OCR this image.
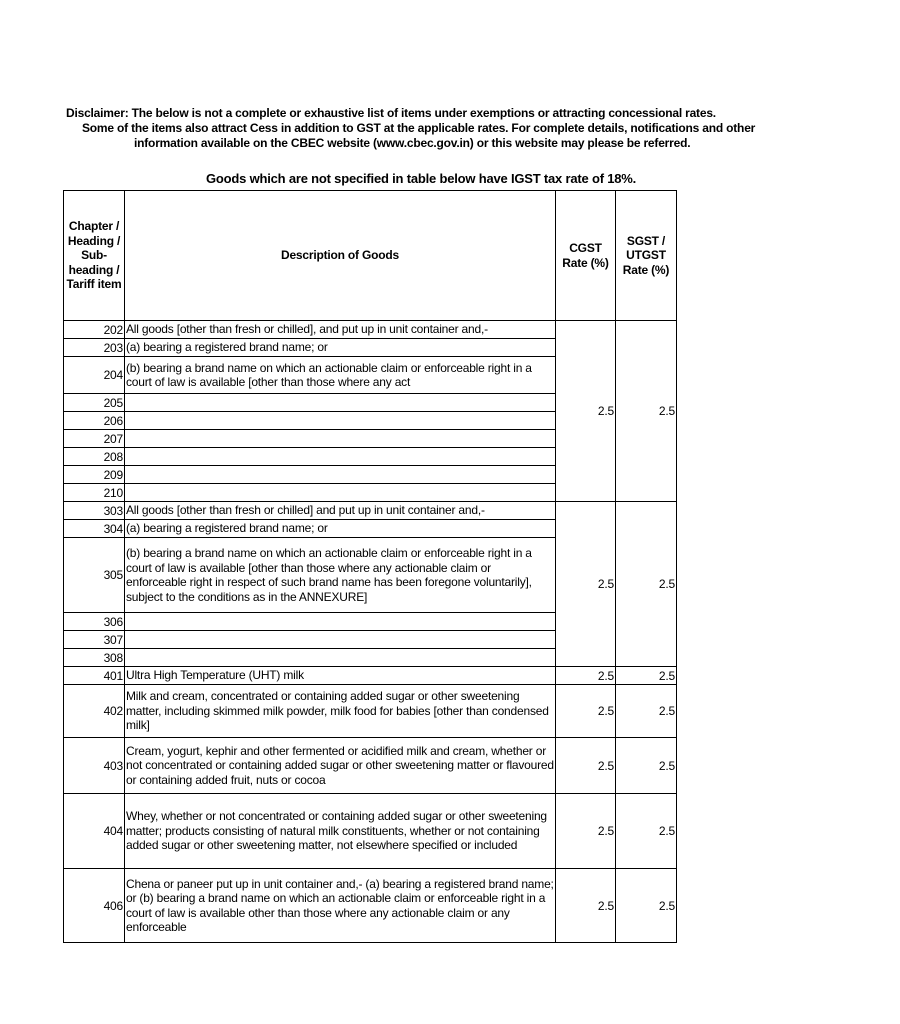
Disclaimer: The below is not a complete or exhaustive list of items under exemptions or attracting concessional rates.
Some of the items also attract Cess in addition to GST at the applicable rates. For complete details, notifications and other
information available on the CBEC website (www.cbec.gov.in) or this website may please be referred.
Goods which are not specified in table below have IGST tax rate of 18%.
Chapter / Heading / Sub-heading / Tariff item	Description of Goods	CGST Rate (%)	SGST / UTGST Rate (%)
202	All goods [other than fresh or chilled], and put up in unit container and,-	2.5	2.5
203	(a) bearing a registered brand name; or		
204	(b) bearing a brand name on which an actionable claim or enforceable right in a court of law is available [other than those where any act		
205			
206			
207			
208			
209			
210			
303	All goods [other than fresh or chilled] and put up in unit container and,-	2.5	2.5
304	(a) bearing a registered brand name; or		
305	(b) bearing a brand name on which an actionable claim or enforceable right in a court of law is available [other than those where any actionable claim or enforceable right in respect of such brand name has been foregone voluntarily], subject to the conditions as in the ANNEXURE]		
306			
307			
308			
401	Ultra High Temperature (UHT) milk	2.5	2.5
402	Milk and cream, concentrated or containing added sugar or other sweetening matter, including skimmed milk powder, milk food for babies [other than condensed milk]	2.5	2.5
403	Cream, yogurt, kephir and other fermented or acidified milk and cream, whether or not concentrated or containing added sugar or other sweetening matter or flavoured or containing added fruit, nuts or cocoa	2.5	2.5
404	Whey, whether or not concentrated or containing added sugar or other sweetening matter; products consisting of natural milk constituents, whether or not containing added sugar or other sweetening matter, not elsewhere specified or included	2.5	2.5
406	Chena or paneer put up in unit container and,- (a) bearing a registered brand name; or (b) bearing a brand name on which an actionable claim or enforceable right in a court of law is available other than those where any actionable claim or any enforceable	2.5	2.5
